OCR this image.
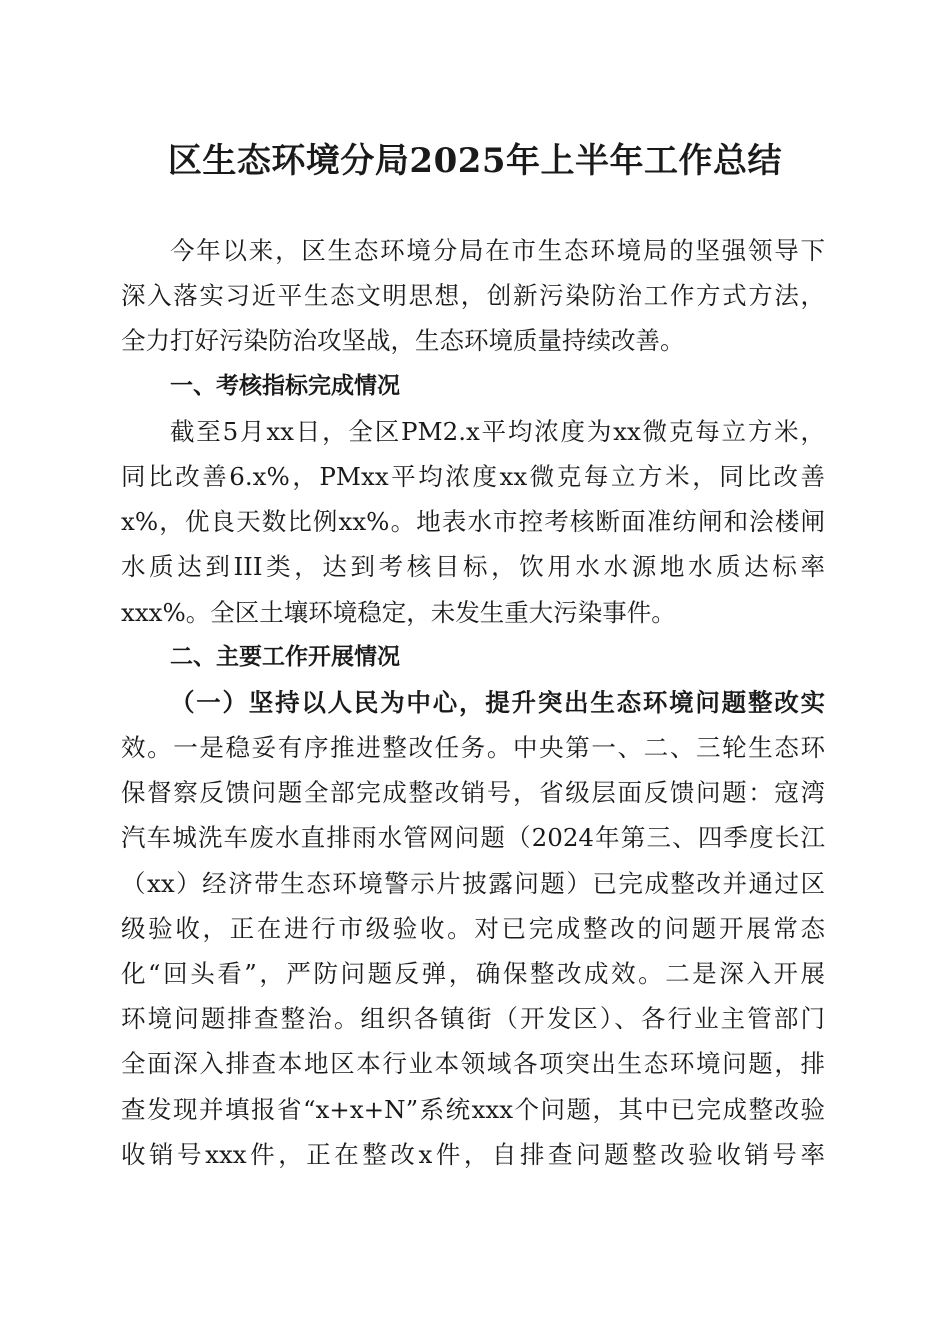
区生态环境分局2025年上半年工作总结
今年以来，区生态环境分局在市生态环境局的坚强领导下
深入落实习近平生态文明思想，创新污染防治工作方式方法，
全力打好污染防治攻坚战，生态环境质量持续改善。
一、考核指标完成情况
截至5月xx日，全区PM2.x平均浓度为xx微克每立方米，
同比改善6.x%，PMxx平均浓度xx微克每立方米，同比改善
x%，优良天数比例xx%。地表水市控考核断面准纺闸和浍楼闸
水质达到III类，达到考核目标，饮用水水源地水质达标率
xxx%。全区土壤环境稳定，未发生重大污染事件。
二、主要工作开展情况
（一）坚持以人民为中心，提升突出生态环境问题整改实
效。一是稳妥有序推进整改任务。中央第一、二、三轮生态环
保督察反馈问题全部完成整改销号，省级层面反馈问题：寇湾
汽车城洗车废水直排雨水管网问题（2024年第三、四季度长江
（xx）经济带生态环境警示片披露问题）已完成整改并通过区
级验收，正在进行市级验收。对已完成整改的问题开展常态
化“回头看”，严防问题反弹，确保整改成效。二是深入开展
环境问题排查整治。组织各镇街（开发区）、各行业主管部门
全面深入排查本地区本行业本领域各项突出生态环境问题，排
查发现并填报省“x+x+N”系统xxx个问题，其中已完成整改验
收销号xxx件，正在整改x件，自排查问题整改验收销号率
